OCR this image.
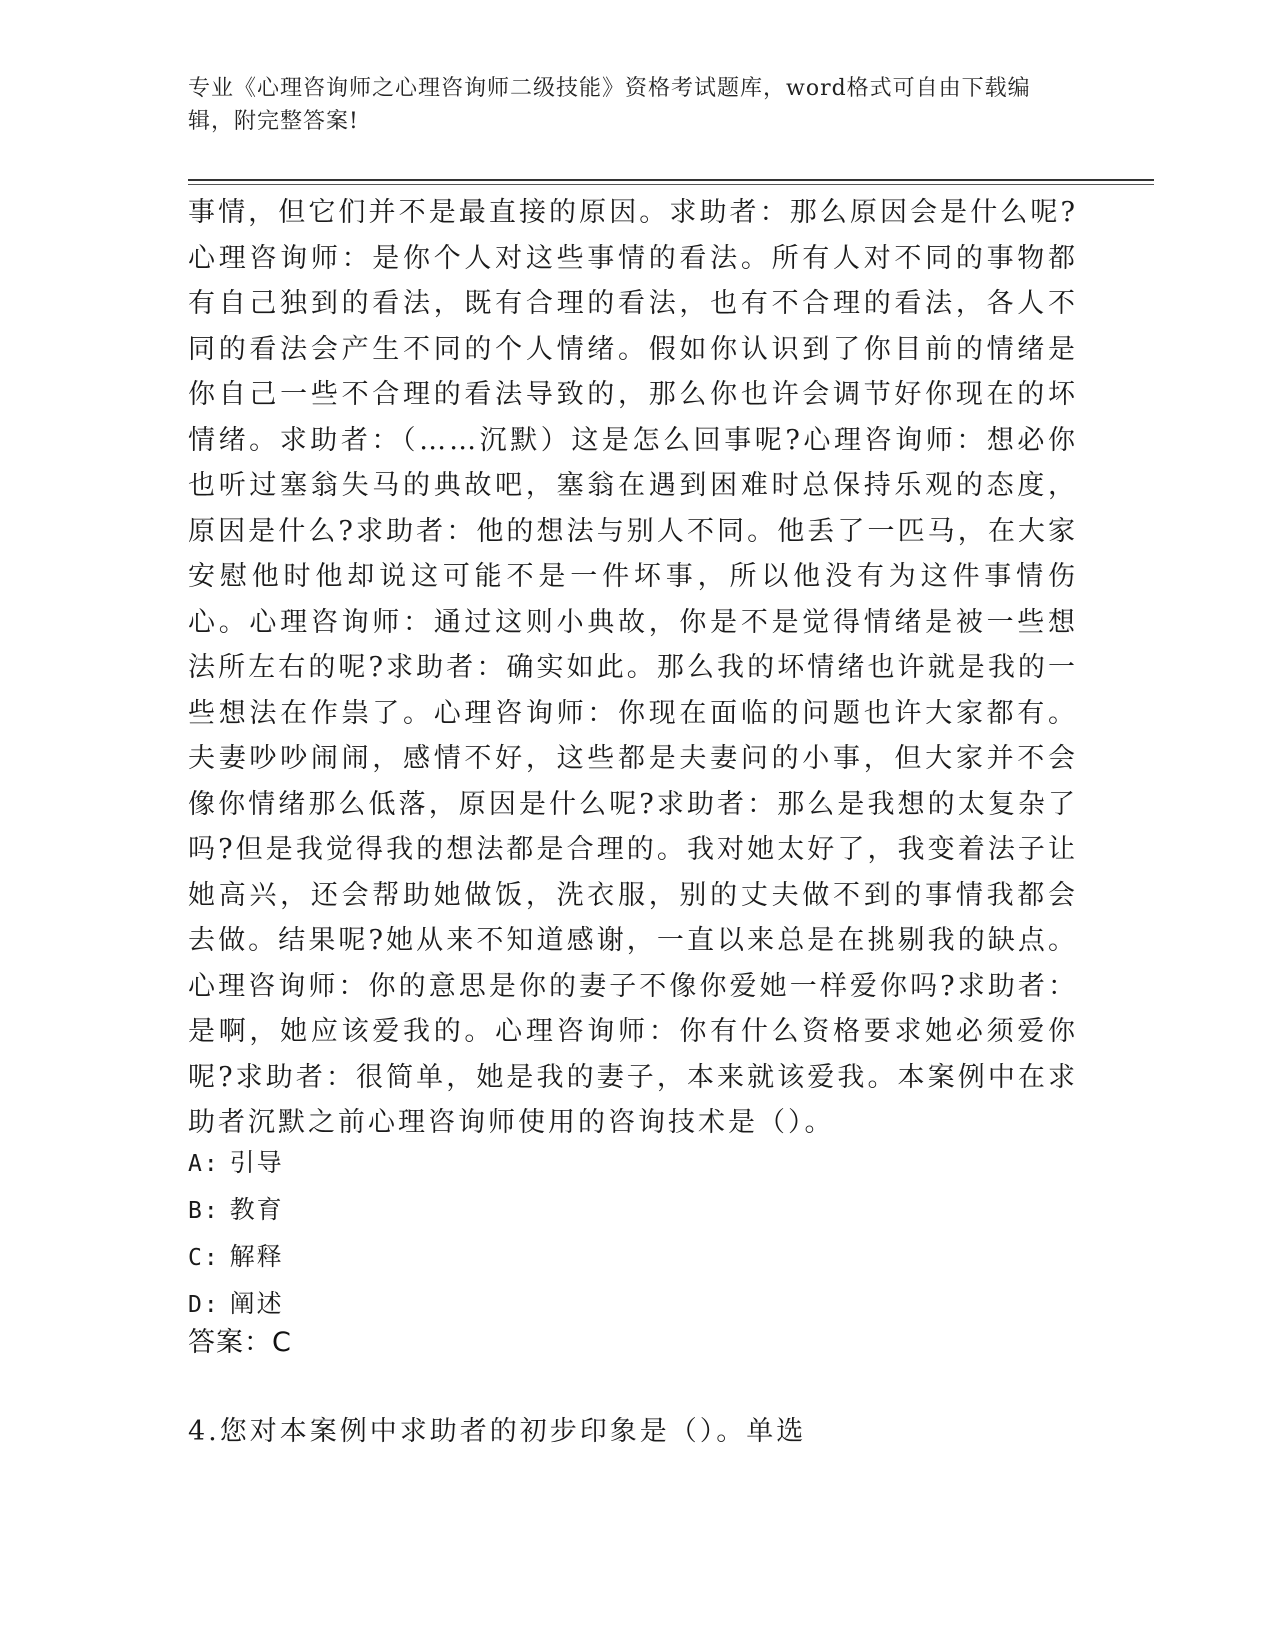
专业《心理咨询师之心理咨询师二级技能》资格考试题库，word格式可自由下载编辑，附完整答案!
事情，但它们并不是最直接的原因。求助者：那么原因会是什么呢?心理咨询师：是你个人对这些事情的看法。所有人对不同的事物都有自己独到的看法，既有合理的看法，也有不合理的看法，各人不同的看法会产生不同的个人情绪。假如你认识到了你目前的情绪是你自己一些不合理的看法导致的，那么你也许会调节好你现在的坏情绪。求助者：（……沉默）这是怎么回事呢?心理咨询师：想必你也听过塞翁失马的典故吧，塞翁在遇到困难时总保持乐观的态度，原因是什么?求助者：他的想法与别人不同。他丢了一匹马，在大家安慰他时他却说这可能不是一件坏事，所以他没有为这件事情伤心。心理咨询师：通过这则小典故，你是不是觉得情绪是被一些想法所左右的呢?求助者：确实如此。那么我的坏情绪也许就是我的一些想法在作祟了。心理咨询师：你现在面临的问题也许大家都有。夫妻吵吵闹闹，感情不好，这些都是夫妻问的小事，但大家并不会像你情绪那么低落，原因是什么呢?求助者：那么是我想的太复杂了吗?但是我觉得我的想法都是合理的。我对她太好了，我变着法子让她高兴，还会帮助她做饭，洗衣服，别的丈夫做不到的事情我都会去做。结果呢?她从来不知道感谢，一直以来总是在挑剔我的缺点。心理咨询师：你的意思是你的妻子不像你爱她一样爱你吗?求助者：是啊，她应该爱我的。心理咨询师：你有什么资格要求她必须爱你呢?求助者：很简单，她是我的妻子，本来就该爱我。本案例中在求助者沉默之前心理咨询师使用的咨询技术是（）。
A: 引导
B: 教育
C: 解释
D: 阐述
答案：C
4.您对本案例中求助者的初步印象是（）。单选
